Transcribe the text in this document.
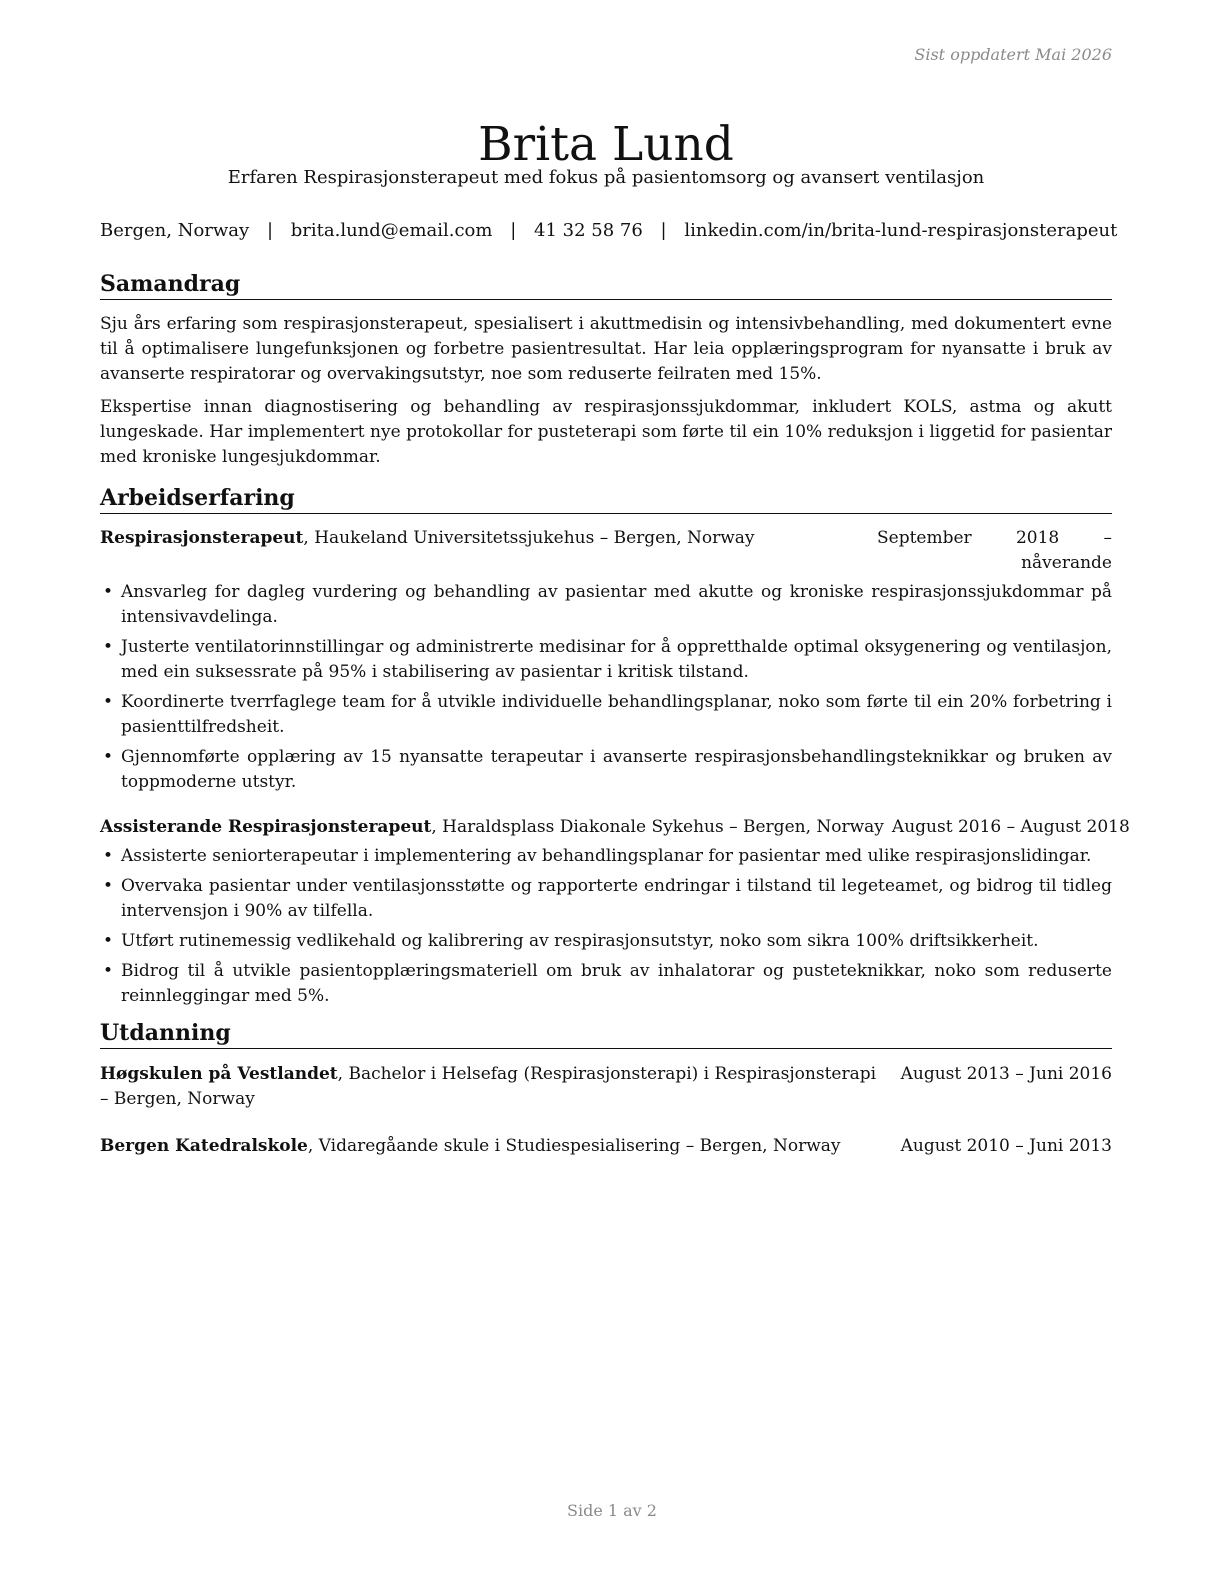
Sist oppdatert Mai 2026
Brita Lund
Erfaren Respirasjonsterapeut med fokus på pasientomsorg og avansert ventilasjon
Bergen, Norway | brita.lund@email.com | 41 32 58 76 | linkedin.com/in/brita-lund-respirasjonsterapeut
Samandrag

Sju års erfaring som respirasjonsterapeut, spesialisert i akuttmedisin og intensivbehandling, med dokumentert evne til å optimalisere lungefunksjonen og forbetre pasientresultat. Har leia opplæringsprogram for nyansatte i bruk av avanserte respiratorar og overvakingsutstyr, noe som reduserte feilraten med 15%.

Ekspertise innan diagnostisering og behandling av respirasjonssjukdommar, inkludert KOLS, astma og akutt lungeskade. Har implementert nye protokollar for pusteterapi som førte til ein 10% reduksjon i liggetid for pasientar med kroniske lungesjukdommar.

Arbeidserfaring
Respirasjonsterapeut, Haukeland Universitetssjukehus – Bergen, Norway	September 2018 – nåverande
• Ansvarleg for dagleg vurdering og behandling av pasientar med akutte og kroniske respirasjonssjukdommar på intensivavdelinga.
• Justerte ventilatorinnstillingar og administrerte medisinar for å oppretthalde optimal oksygenering og ventilasjon, med ein suksessrate på 95% i stabilisering av pasientar i kritisk tilstand.
• Koordinerte tverrfaglege team for å utvikle individuelle behandlingsplanar, noko som førte til ein 20% forbetring i pasienttilfredsheit.
• Gjennomførte opplæring av 15 nyansatte terapeutar i avanserte respirasjonsbehandlingsteknikkar og bruken av toppmoderne utstyr.
Assisterande Respirasjonsterapeut, Haraldsplass Diakonale Sykehus – Bergen, Norway August 2016 – August 2018
• Assisterte seniorterapeutar i implementering av behandlingsplanar for pasientar med ulike respirasjonslidingar.
• Overvaka pasientar under ventilasjonsstøtte og rapporterte endringar i tilstand til legeteamet, og bidrog til tidleg intervensjon i 90% av tilfella.
• Utført rutinemessig vedlikehald og kalibrering av respirasjonsutstyr, noko som sikra 100% driftsikkerheit.
• Bidrog til å utvikle pasientopplæringsmateriell om bruk av inhalatorar og pusteteknikkar, noko som reduserte reinnleggingar med 5%.
Utdanning
Høgskulen på Vestlandet, Bachelor i Helsefag (Respirasjonsterapi) i Respirasjonsterapi – Bergen, Norway
August 2013 – Juni 2016
Bergen Katedralskole, Vidaregåande skule i Studiespesialisering – Bergen, Norway	August 2010 – Juni 2013
Side 1 av 2
